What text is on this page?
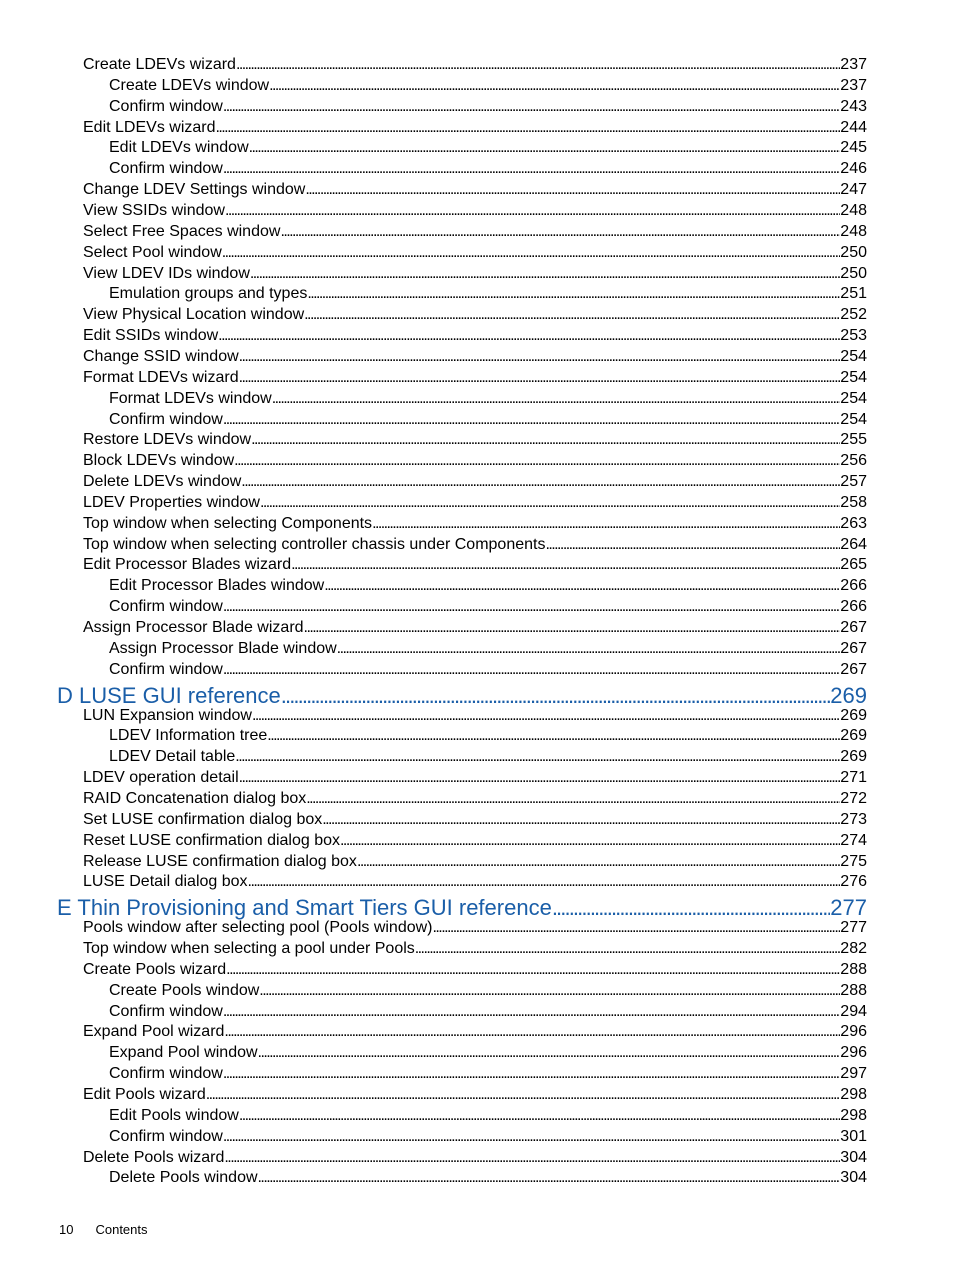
Create LDEVs wizard . . .	237
Create LDEVs window . . .	237
Confirm window . . .	243
Edit LDEVs wizard . . .	244
Edit LDEVs window . . .	245
Confirm window . . .	246
Change LDEV Settings window . . .	247
View SSIDs window . . .	248
Select Free Spaces window . . .	248
Select Pool window . . .	250
View LDEV IDs window . . .	250
Emulation groups and types . . .	251
View Physical Location window . . .	252
Edit SSIDs window . . .	253
Change SSID window . . .	254
Format LDEVs wizard . . .	254
Format LDEVs window . . .	254
Confirm window . . .	254
Restore LDEVs window . . .	255
Block LDEVs window . . .	256
Delete LDEVs window . . .	257
LDEV Properties window . . .	258
Top window when selecting Components . . .	263
Top window when selecting controller chassis under Components . . .	264
Edit Processor Blades wizard . . .	265
Edit Processor Blades window . . .	266
Confirm window . . .	266
Assign Processor Blade wizard . . .	267
Assign Processor Blade window . . .	267
Confirm window . . .	267
D LUSE GUI reference . . .	269
LUN Expansion window . . .	269
LDEV Information tree . . .	269
LDEV Detail table . . .	269
LDEV operation detail . . .	271
RAID Concatenation dialog box . . .	272
Set LUSE confirmation dialog box . . .	273
Reset LUSE confirmation dialog box . . .	274
Release LUSE confirmation dialog box . . .	275
LUSE Detail dialog box . . .	276
E Thin Provisioning and Smart Tiers GUI reference . . .	277
Pools window after selecting pool (Pools window) . . .	277
Top window when selecting a pool under Pools . . .	282
Create Pools wizard . . .	288
Create Pools window . . .	288
Confirm window . . .	294
Expand Pool wizard . . .	296
Expand Pool window . . .	296
Confirm window . . .	297
Edit Pools wizard . . .	298
Edit Pools window . . .	298
Confirm window . . .	301
Delete Pools wizard . . .	304
Delete Pools window . . .	304
10 Contents
